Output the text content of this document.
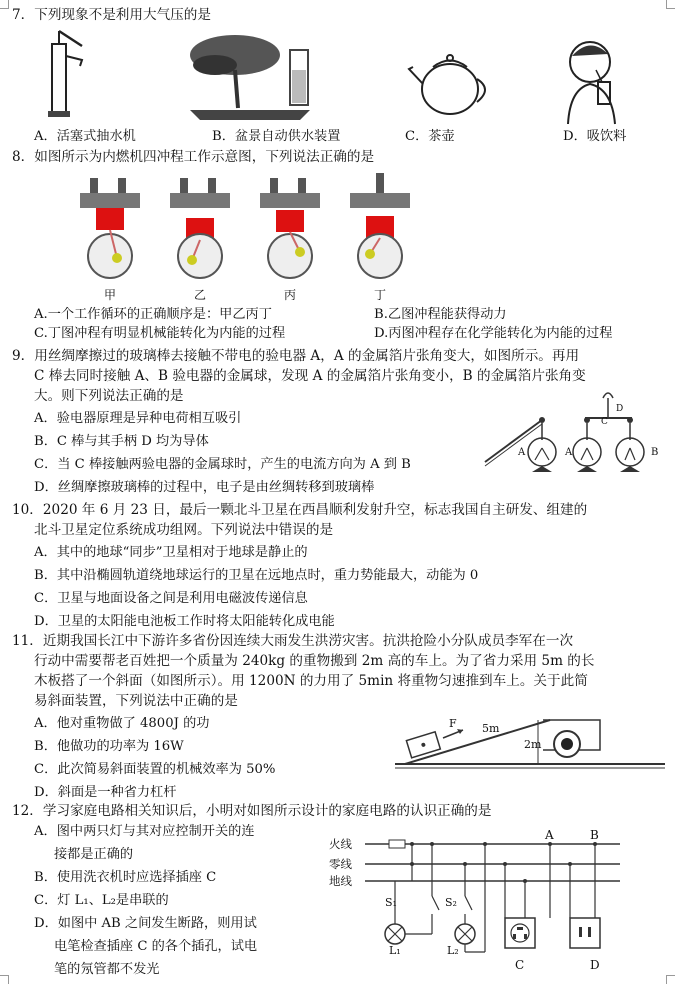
7．下列现象不是利用大气压的是
A．活塞式抽水机	B．盆景自动供水装置	C．茶壶	D．吸饮料
8．如图所示为内燃机四冲程工作示意图，下列说法正确的是
甲	乙	丙	丁
A.一个工作循环的正确顺序是：甲乙丙丁	B.乙图冲程能获得动力
C.丁图冲程有明显机械能转化为内能的过程	D.丙图冲程存在化学能转化为内能的过程
9．用丝绸摩擦过的玻璃棒去接触不带电的验电器 A，A 的金属箔片张角变大，如图所示。再用
C 棒去同时接触 A、B 验电器的金属球，发现 A 的金属箔片张角变小，B 的金属箔片张角变
大。则下列说法正确的是
A．验电器原理是异种电荷相互吸引
B．C 棒与其手柄 D 均为导体
C．当 C 棒接触两验电器的金属球时，产生的电流方向为 A 到 B
D．丝绸摩擦玻璃棒的过程中，电子是由丝绸转移到玻璃棒
A	A	B
C
D
10．2020 年 6 月 23 日，最后一颗北斗卫星在西昌顺利发射升空，标志我国自主研发、组建的
北斗卫星定位系统成功组网。下列说法中错误的是
A．其中的地球“同步”卫星相对于地球是静止的
B．其中沿椭圆轨道绕地球运行的卫星在远地点时，重力势能最大，动能为 0
C．卫星与地面设备之间是利用电磁波传递信息
D．卫星的太阳能电池板工作时将太阳能转化成电能
11．近期我国长江中下游许多省份因连续大雨发生洪涝灾害。抗洪抢险小分队成员李军在一次
行动中需要帮老百姓把一个质量为 240kg 的重物搬到 2m 高的车上。为了省力采用 5m 的长
木板搭了一个斜面（如图所示）。用 1200N 的力用了 5min 将重物匀速推到车上。关于此简
易斜面装置，下列说法中正确的是
A．他对重物做了 4800J 的功
B．他做功的功率为 16W
C．此次简易斜面装置的机械效率为 50%
D．斜面是一种省力杠杆
F 5m
2m
12．学习家庭电路相关知识后，小明对如图所示设计的家庭电路的认识正确的是
A．图中两只灯与其对应控制开关的连
接都是正确的
B．使用洗衣机时应选择插座 C
C．灯 L₁、L₂是串联的
D．如图中 AB 之间发生断路，则用试
电笔检查插座 C 的各个插孔，试电
笔的氖管都不发光
火线
零线
地线
A	B
S₁	S₂
L₁	L₂
C	D
